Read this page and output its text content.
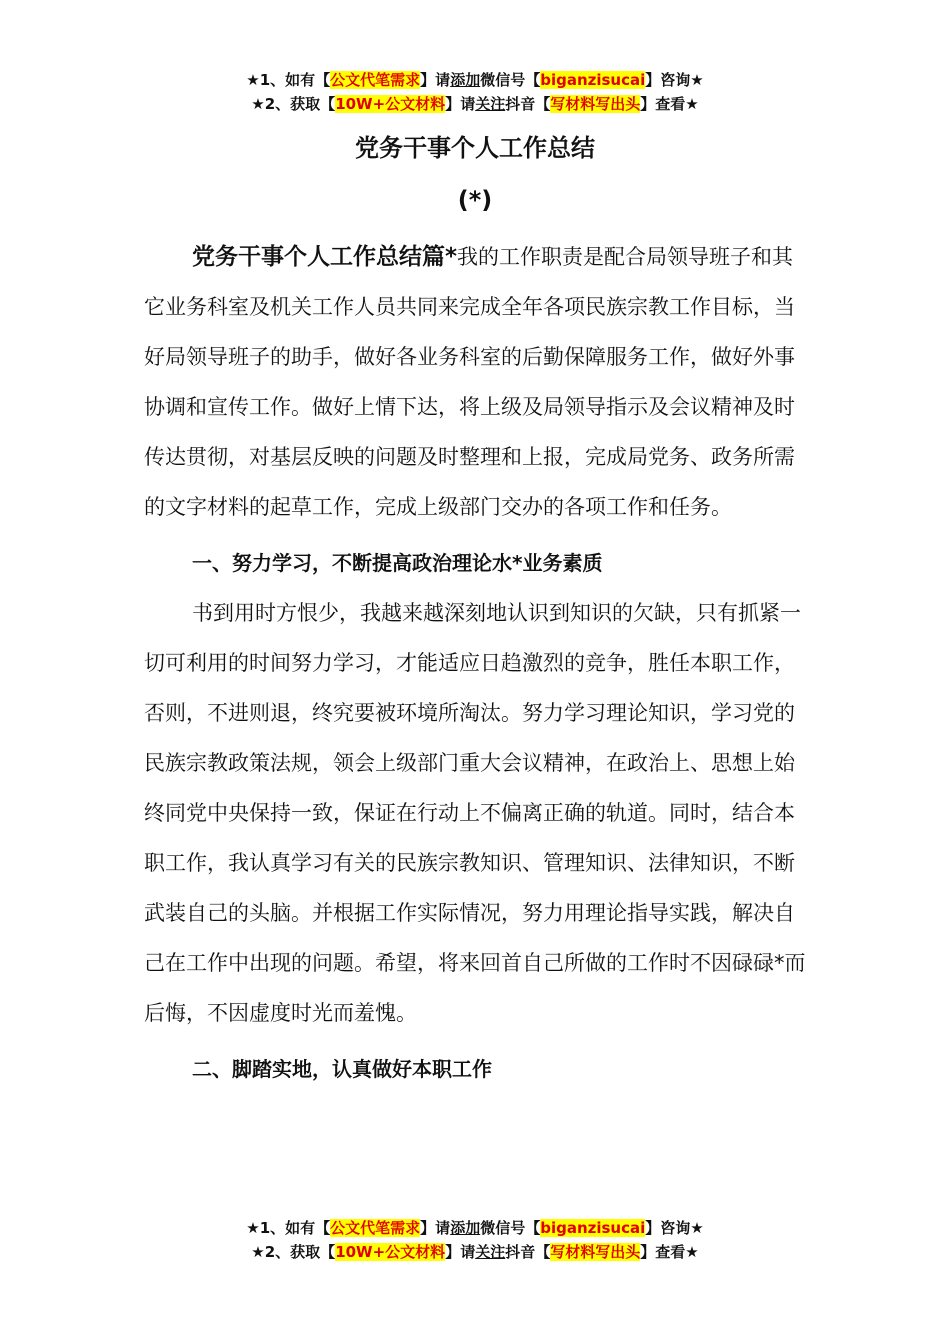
★1、如有【公文代笔需求】请添加微信号【biganzisucai】咨询★
★2、获取【10W+公文材料】请关注抖音【写材料写出头】查看★
党务干事个人工作总结
(*)

党务干事个人工作总结篇*我的工作职责是配合局领导班子和其它业务科室及机关工作人员共同来完成全年各项民族宗教工作目标，当好局领导班子的助手，做好各业务科室的后勤保障服务工作，做好外事协调和宣传工作。做好上情下达，将上级及局领导指示及会议精神及时传达贯彻，对基层反映的问题及时整理和上报，完成局党务、政务所需的文字材料的起草工作，完成上级部门交办的各项工作和任务。

一、努力学习，不断提高政治理论水*业务素质

书到用时方恨少，我越来越深刻地认识到知识的欠缺，只有抓紧一切可利用的时间努力学习，才能适应日趋激烈的竞争，胜任本职工作，否则，不进则退，终究要被环境所淘汰。努力学习理论知识，学习党的民族宗教政策法规，领会上级部门重大会议精神，在政治上、思想上始终同党中央保持一致，保证在行动上不偏离正确的轨道。同时，结合本职工作，我认真学习有关的民族宗教知识、管理知识、法律知识，不断武装自己的头脑。并根据工作实际情况，努力用理论指导实践，解决自己在工作中出现的问题。希望，将来回首自己所做的工作时不因碌碌*而后悔，不因虚度时光而羞愧。

二、脚踏实地，认真做好本职工作

★1、如有【公文代笔需求】请添加微信号【biganzisucai】咨询★
★2、获取【10W+公文材料】请关注抖音【写材料写出头】查看★
